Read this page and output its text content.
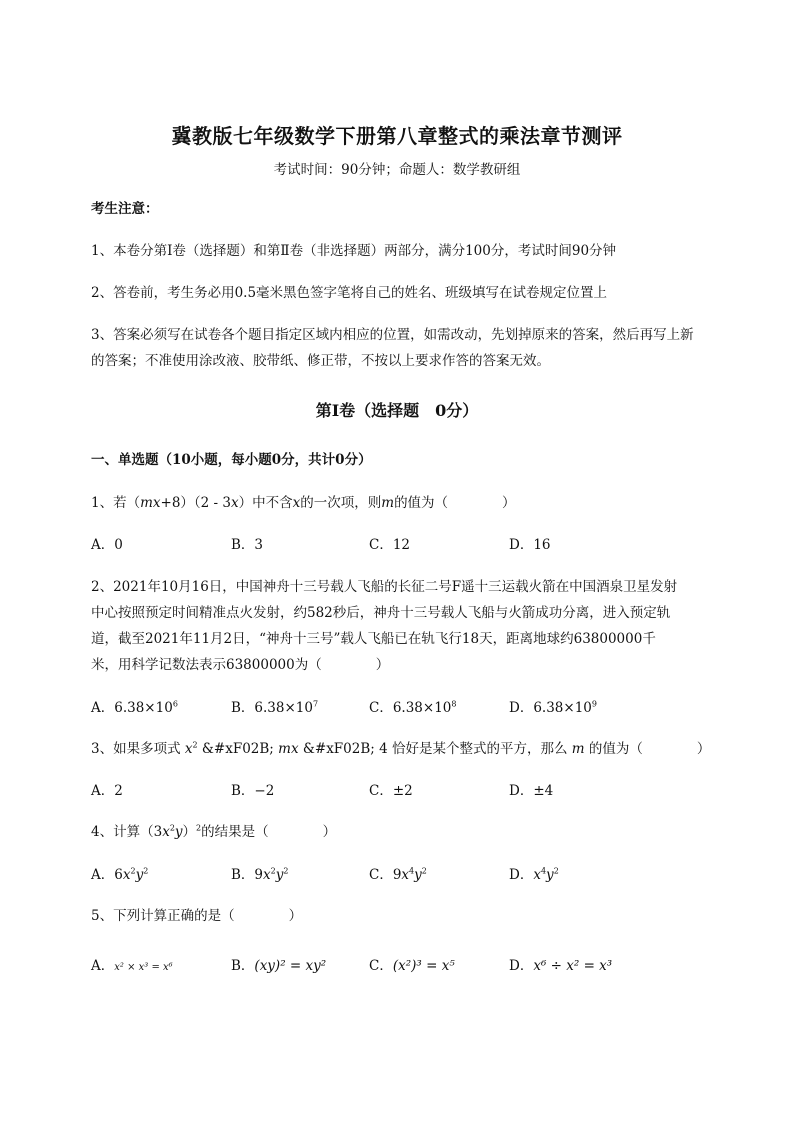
冀教版七年级数学下册第八章整式的乘法章节测评
考试时间：90分钟；命题人：数学教研组
考生注意：
1、本卷分第I卷（选择题）和第Ⅱ卷（非选择题）两部分，满分100分，考试时间90分钟
2、答卷前，考生务必用0.5毫米黑色签字笔将自己的姓名、班级填写在试卷规定位置上
3、答案必须写在试卷各个题目指定区域内相应的位置，如需改动，先划掉原来的答案，然后再写上新
的答案；不准使用涂改液、胶带纸、修正带，不按以上要求作答的答案无效。
第I卷（选择题　0分）
一、单选题（10小题，每小题0分，共计0分）
1、若（mx+8）（2 - 3x）中不含x的一次项，则m的值为（　　　　）
A．0	B．3	C．12	D．16
2、2021年10月16日，中国神舟十三号载人飞船的长征二号F遥十三运载火箭在中国酒泉卫星发射
中心按照预定时间精准点火发射，约582秒后，神舟十三号载人飞船与火箭成功分离，进入预定轨
道，截至2021年11月2日，“神舟十三号”载人飞船已在轨飞行18天，距离地球约63800000千
米，用科学记数法表示63800000为（　　　　）
A．$6.38\times 10^6$	B．$6.38\times 10^7$	C．$6.38\times 10^8$	D．$6.38\times 10^9$
3、如果多项式 $x^2$ &#xF02B; mx &#xF02B; 4 恰好是某个整式的平方，那么 m 的值为（　　　　）
A．2	B．−2	C．±2	D．±4
4、计算$(3x^2y)^2$的结果是（　　　　）
A．$6x^2y^2$	B．$9x^2y^2$	C．$9x^4y^2$	D．$x^4y^2$
5、下列计算正确的是（　　　　）
A．x² × x³ = x⁶	B．(xy)² = xy²	C．(x²)³ = x⁵	D．x⁶ ÷ x² = x³
